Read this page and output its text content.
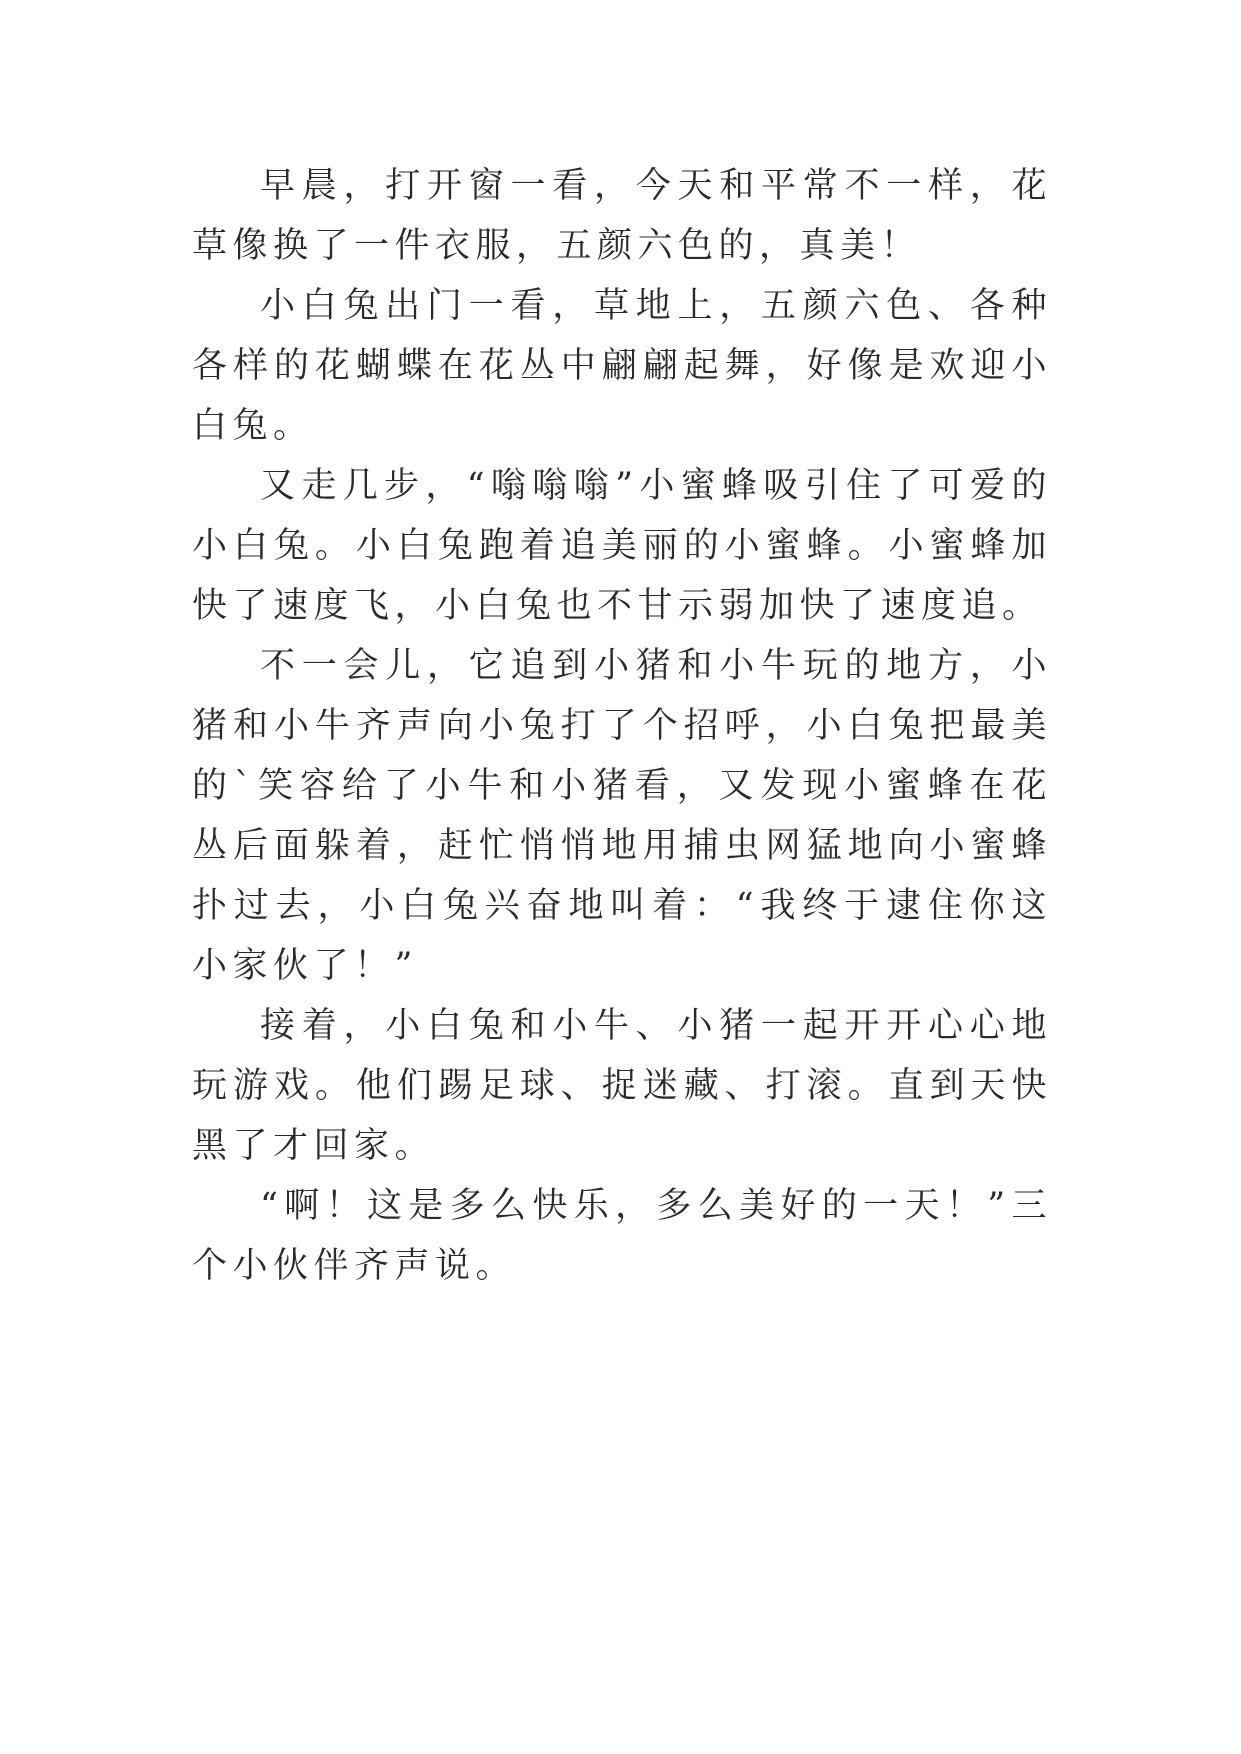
早晨，打开窗一看，今天和平常不一样，花草像换了一件衣服，五颜六色的，真美！

小白兔出门一看，草地上，五颜六色、各种各样的花蝴蝶在花丛中翩翩起舞，好像是欢迎小白兔。

又走几步，“嗡嗡嗡”小蜜蜂吸引住了可爱的小白兔。小白兔跑着追美丽的小蜜蜂。小蜜蜂加快了速度飞，小白兔也不甘示弱加快了速度追。

不一会儿，它追到小猪和小牛玩的地方，小猪和小牛齐声向小兔打了个招呼，小白兔把最美的`笑容给了小牛和小猪看，又发现小蜜蜂在花丛后面躲着，赶忙悄悄地用捕虫网猛地向小蜜蜂扑过去，小白兔兴奋地叫着：“我终于逮住你这小家伙了！”

接着，小白兔和小牛、小猪一起开开心心地玩游戏。他们踢足球、捉迷藏、打滚。直到天快黑了才回家。

“啊！这是多么快乐，多么美好的一天！”三个小伙伴齐声说。
